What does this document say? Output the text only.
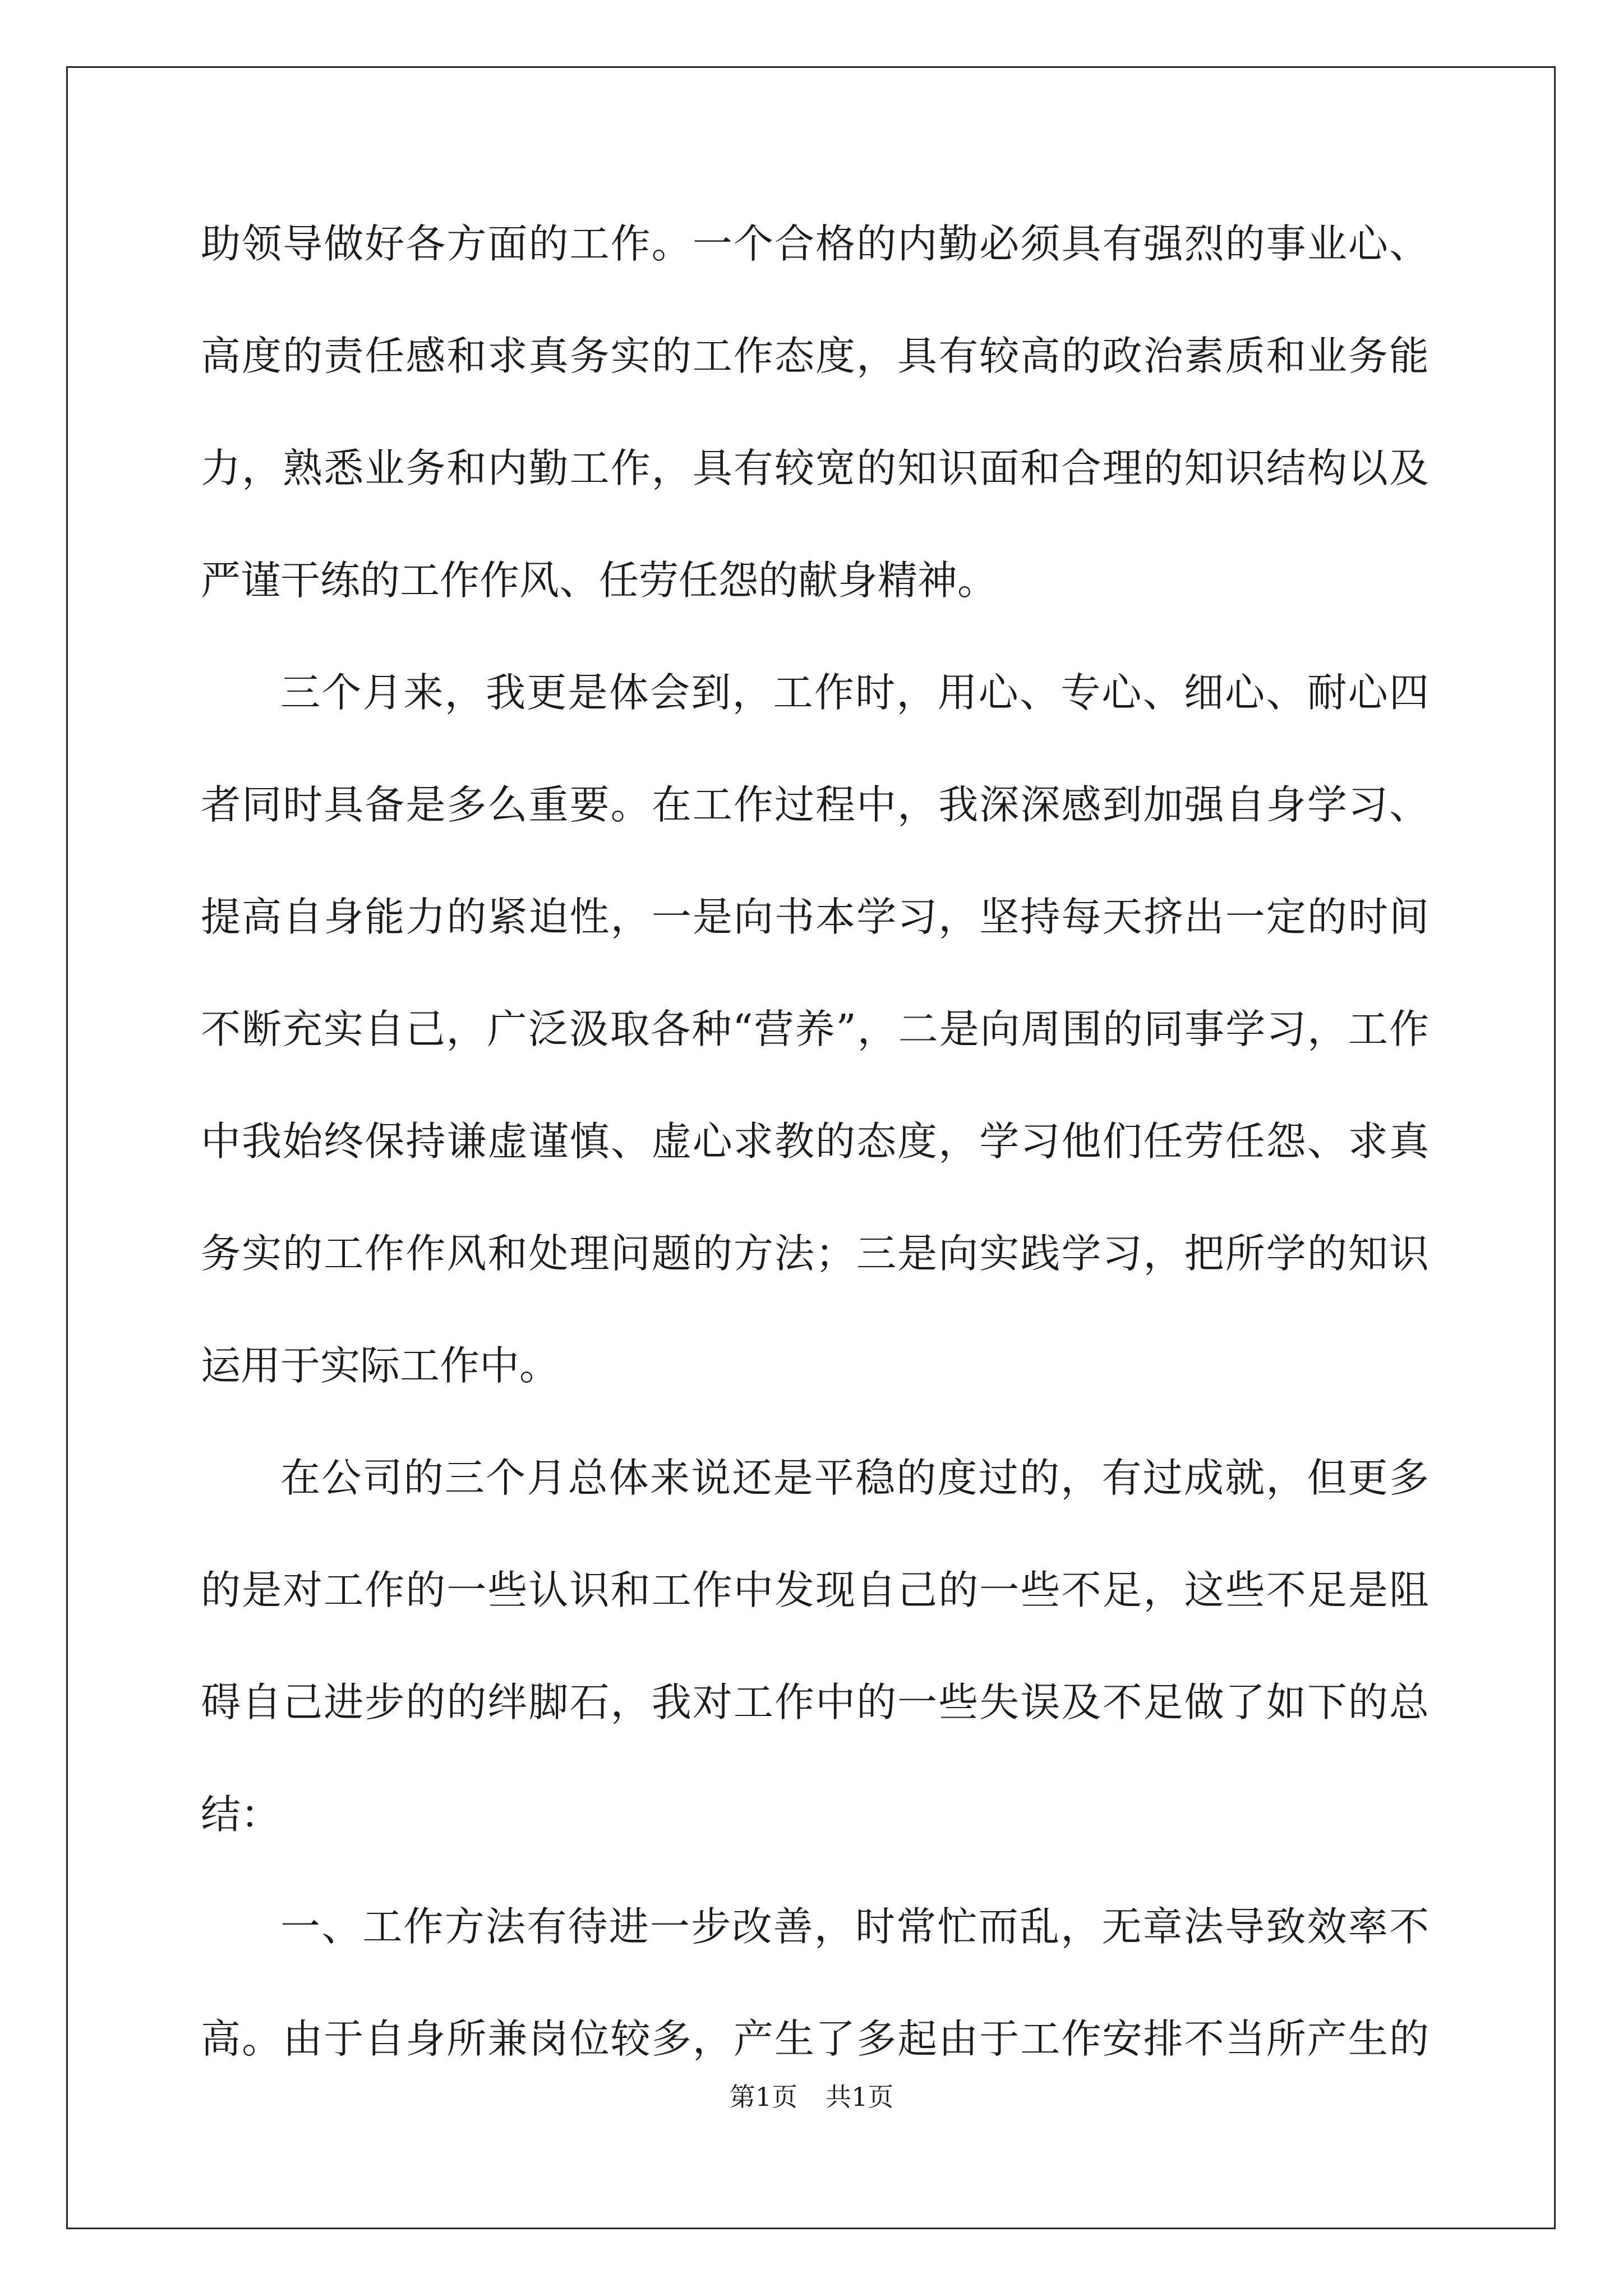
助领导做好各方面的工作。一个合格的内勤必须具有强烈的事业心、
高度的责任感和求真务实的工作态度，具有较高的政治素质和业务能
力，熟悉业务和内勤工作，具有较宽的知识面和合理的知识结构以及
严谨干练的工作作风、任劳任怨的献身精神。
三个月来，我更是体会到，工作时，用心、专心、细心、耐心四
者同时具备是多么重要。在工作过程中，我深深感到加强自身学习、
提高自身能力的紧迫性，一是向书本学习，坚持每天挤出一定的时间
不断充实自己，广泛汲取各种“营养”，二是向周围的同事学习，工作
中我始终保持谦虚谨慎、虚心求教的态度，学习他们任劳任怨、求真
务实的工作作风和处理问题的方法；三是向实践学习，把所学的知识
运用于实际工作中。
在公司的三个月总体来说还是平稳的度过的，有过成就，但更多
的是对工作的一些认识和工作中发现自己的一些不足，这些不足是阻
碍自己进步的的绊脚石，我对工作中的一些失误及不足做了如下的总
结：
一、工作方法有待进一步改善，时常忙而乱，无章法导致效率不
高。由于自身所兼岗位较多，产生了多起由于工作安排不当所产生的
第1页 共1页
